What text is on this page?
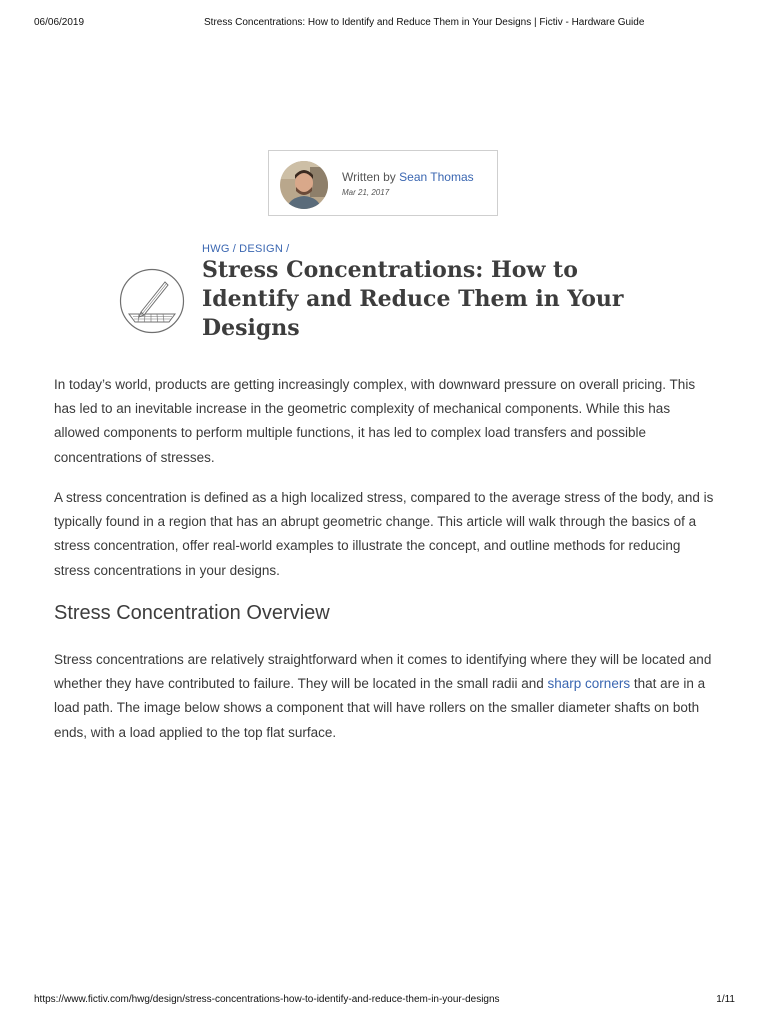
06/06/2019	Stress Concentrations: How to Identify and Reduce Them in Your Designs | Fictiv - Hardware Guide
Written by Sean Thomas
Mar 21, 2017
HWG / DESIGN /
Stress Concentrations: How to Identify and Reduce Them in Your Designs

In today’s world, products are getting increasingly complex, with downward pressure on overall pricing. This has led to an inevitable increase in the geometric complexity of mechanical components. While this has allowed components to perform multiple functions, it has led to complex load transfers and possible concentrations of stresses.

A stress concentration is defined as a high localized stress, compared to the average stress of the body, and is typically found in a region that has an abrupt geometric change. This article will walk through the basics of a stress concentration, offer real-world examples to illustrate the concept, and outline methods for reducing stress concentrations in your designs.

Stress Concentration Overview

Stress concentrations are relatively straightforward when it comes to identifying where they will be located and whether they have contributed to failure. They will be located in the small radii and sharp corners that are in a load path. The image below shows a component that will have rollers on the smaller diameter shafts on both ends, with a load applied to the top flat surface.

https://www.fictiv.com/hwg/design/stress-concentrations-how-to-identify-and-reduce-them-in-your-designs	1/11
